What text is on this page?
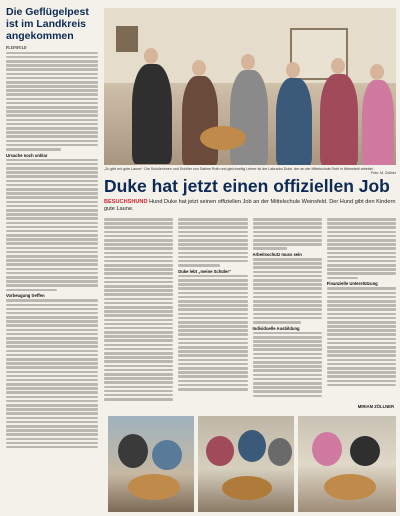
Die Geflügelpest ist im Landkreis angekommen
PLEINFELD
Ursache noch unklar
Vorbeugung treffen
„Zu gibt mir gute Laune“: Die Schülerinnen und Schüler von Sabine Roth und gleichzeitig Lehrer ist der Labrador Duke, der an der Mittelschule Roth in Weinsfeld arbeitet.
Foto: M. Zollner
Duke hat jetzt einen offiziellen Job
BESUCHSHUND Hund Duke hat jetzt seinen offiziellen Job an der Mittelschule Weinsfeld. Der Hund gibt den Kindern gute Laune.
Duke lebt „meine Schüler“
Arbeitsschutz muss sein
Individuelle Ausbildung
Finanzielle Unterstützung
MIRIAM ZÖLLNER
